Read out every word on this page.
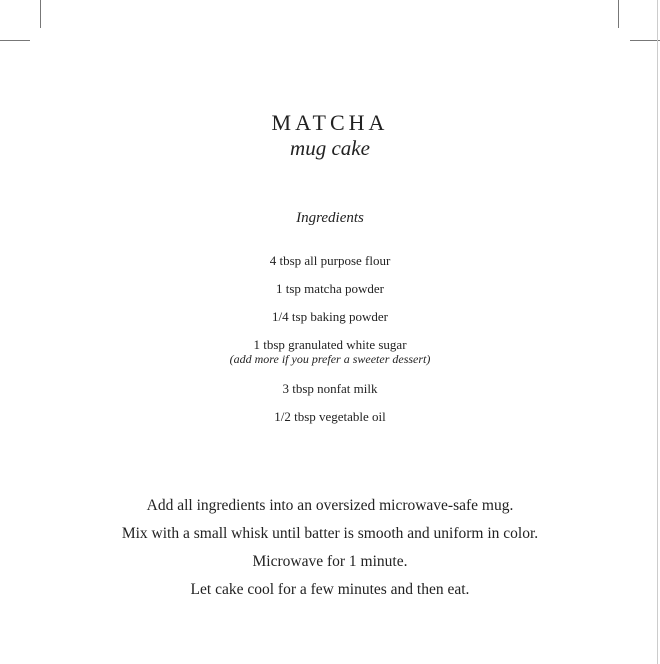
MATCHA
mug cake
Ingredients
4 tbsp all purpose flour
1 tsp matcha powder
1/4 tsp baking powder
1 tbsp granulated white sugar
(add more if you prefer a sweeter dessert)
3 tbsp nonfat milk
1/2 tbsp vegetable oil
Add all ingredients into an oversized microwave-safe mug.
Mix with a small whisk until batter is smooth and uniform in color.
Microwave for 1 minute.
Let cake cool for a few minutes and then eat.
